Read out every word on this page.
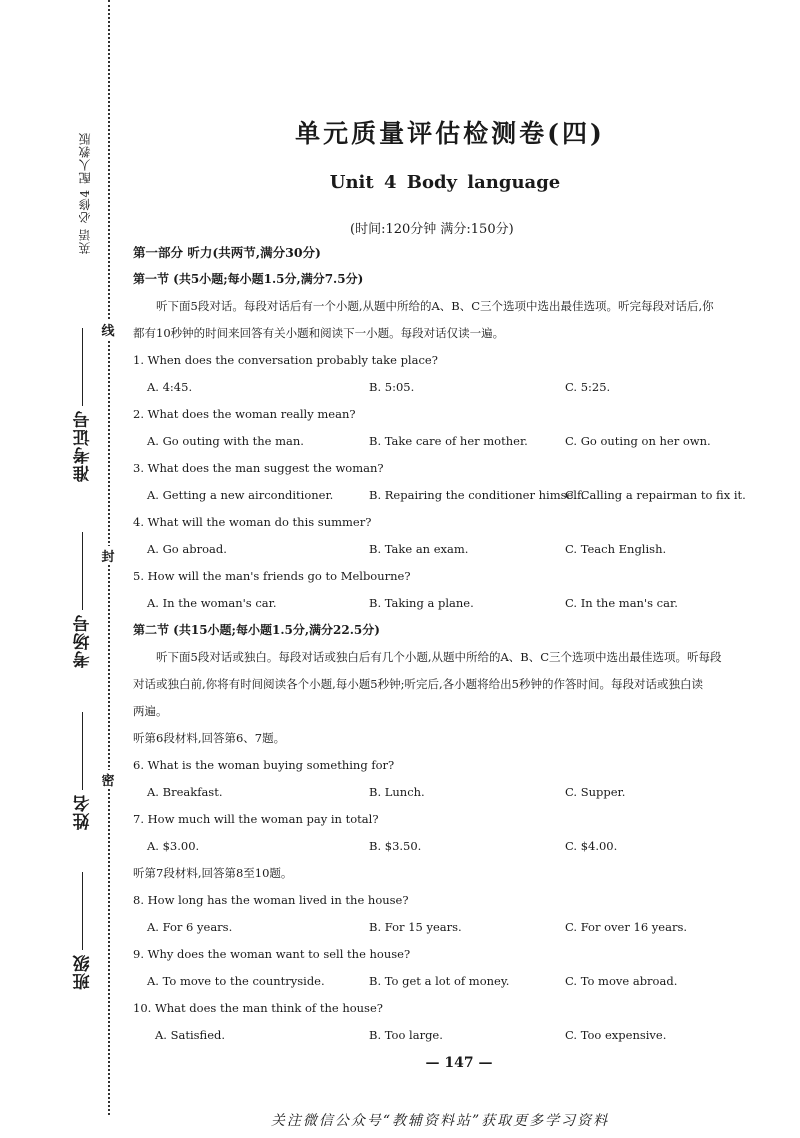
线
封
密
英语 必修4 配人教版
准考证号
考场号
姓名
班级
单元质量评估检测卷(四)
Unit 4 Body language
(时间:120分钟 满分:150分)
第一部分 听力(共两节,满分30分)
第一节 (共5小题;每小题1.5分,满分7.5分)
听下面5段对话。每段对话后有一个小题,从题中所给的A、B、C三个选项中选出最佳选项。听完每段对话后,你
都有10秒钟的时间来回答有关小题和阅读下一小题。每段对话仅读一遍。
1. When does the conversation probably take place?
A. 4:45.	B. 5:05.	C. 5:25.
2. What does the woman really mean?
A. Go outing with the man.	B. Take care of her mother.	C. Go outing on her own.
3. What does the man suggest the woman?
A. Getting a new airconditioner.	B. Repairing the conditioner himself.
C. Calling a repairman to fix it.
4. What will the woman do this summer?
A. Go abroad.	B. Take an exam.	C. Teach English.
5. How will the man's friends go to Melbourne?
A. In the woman's car.	B. Taking a plane.	C. In the man's car.
第二节 (共15小题;每小题1.5分,满分22.5分)
听下面5段对话或独白。每段对话或独白后有几个小题,从题中所给的A、B、C三个选项中选出最佳选项。听每段
对话或独白前,你将有时间阅读各个小题,每小题5秒钟;听完后,各小题将给出5秒钟的作答时间。每段对话或独白读
两遍。
听第6段材料,回答第6、7题。
6. What is the woman buying something for?
A. Breakfast.	B. Lunch.	C. Supper.
7. How much will the woman pay in total?
A. $3.00.	B. $3.50.	C. $4.00.
听第7段材料,回答第8至10题。
8. How long has the woman lived in the house?
A. For 6 years.	B. For 15 years.	C. For over 16 years.
9. Why does the woman want to sell the house?
A. To move to the countryside.	B. To get a lot of money.	C. To move abroad.
10. What does the man think of the house?
A. Satisfied.	B. Too large.	C. Too expensive.
— 147 —
关注微信公众号“教辅资料站”获取更多学习资料
